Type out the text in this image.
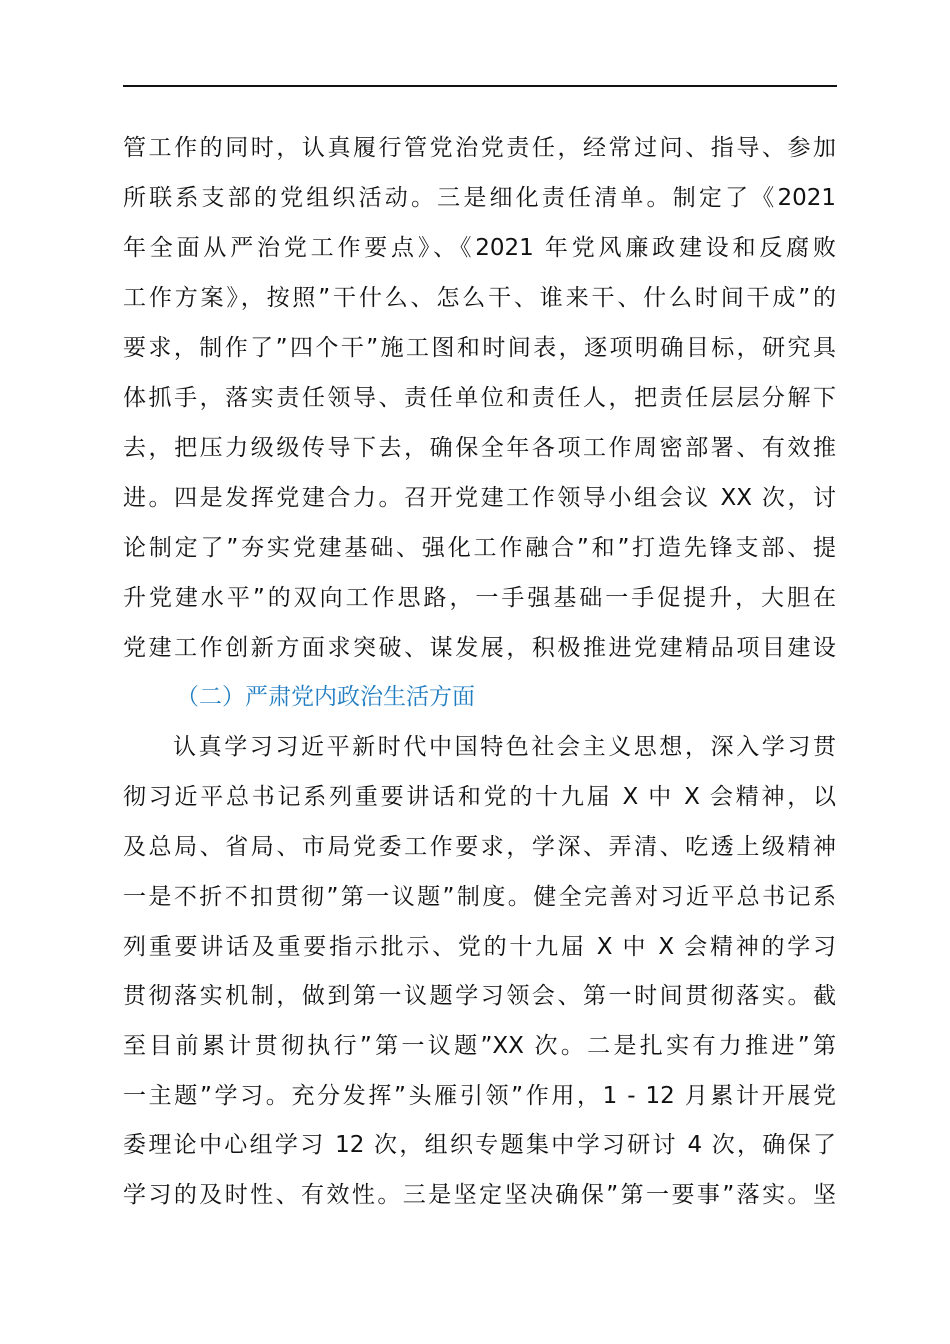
管工作的同时，认真履行管党治党责任，经常过问、指导、参加
所联系支部的党组织活动。三是细化责任清单。制定了《2021
年全面从严治党工作要点》、《2021 年党风廉政建设和反腐败
工作方案》，按照”干什么、怎么干、谁来干、什么时间干成”的
要求，制作了”四个干”施工图和时间表，逐项明确目标，研究具
体抓手，落实责任领导、责任单位和责任人，把责任层层分解下
去，把压力级级传导下去，确保全年各项工作周密部署、有效推
进。四是发挥党建合力。召开党建工作领导小组会议 XX 次，讨
论制定了”夯实党建基础、强化工作融合”和”打造先锋支部、提
升党建水平”的双向工作思路，一手强基础一手促提升，大胆在
党建工作创新方面求突破、谋发展，积极推进党建精品项目建设
（二）严肃党内政治生活方面
认真学习习近平新时代中国特色社会主义思想，深入学习贯
彻习近平总书记系列重要讲话和党的十九届 X 中 X 会精神，以
及总局、省局、市局党委工作要求，学深、弄清、吃透上级精神
一是不折不扣贯彻”第一议题”制度。健全完善对习近平总书记系
列重要讲话及重要指示批示、党的十九届 X 中 X 会精神的学习
贯彻落实机制，做到第一议题学习领会、第一时间贯彻落实。截
至目前累计贯彻执行”第一议题”XX 次。二是扎实有力推进”第
一主题”学习。充分发挥”头雁引领”作用，1 - 12 月累计开展党
委理论中心组学习 12 次，组织专题集中学习研讨 4 次，确保了
学习的及时性、有效性。三是坚定坚决确保”第一要事”落实。坚
